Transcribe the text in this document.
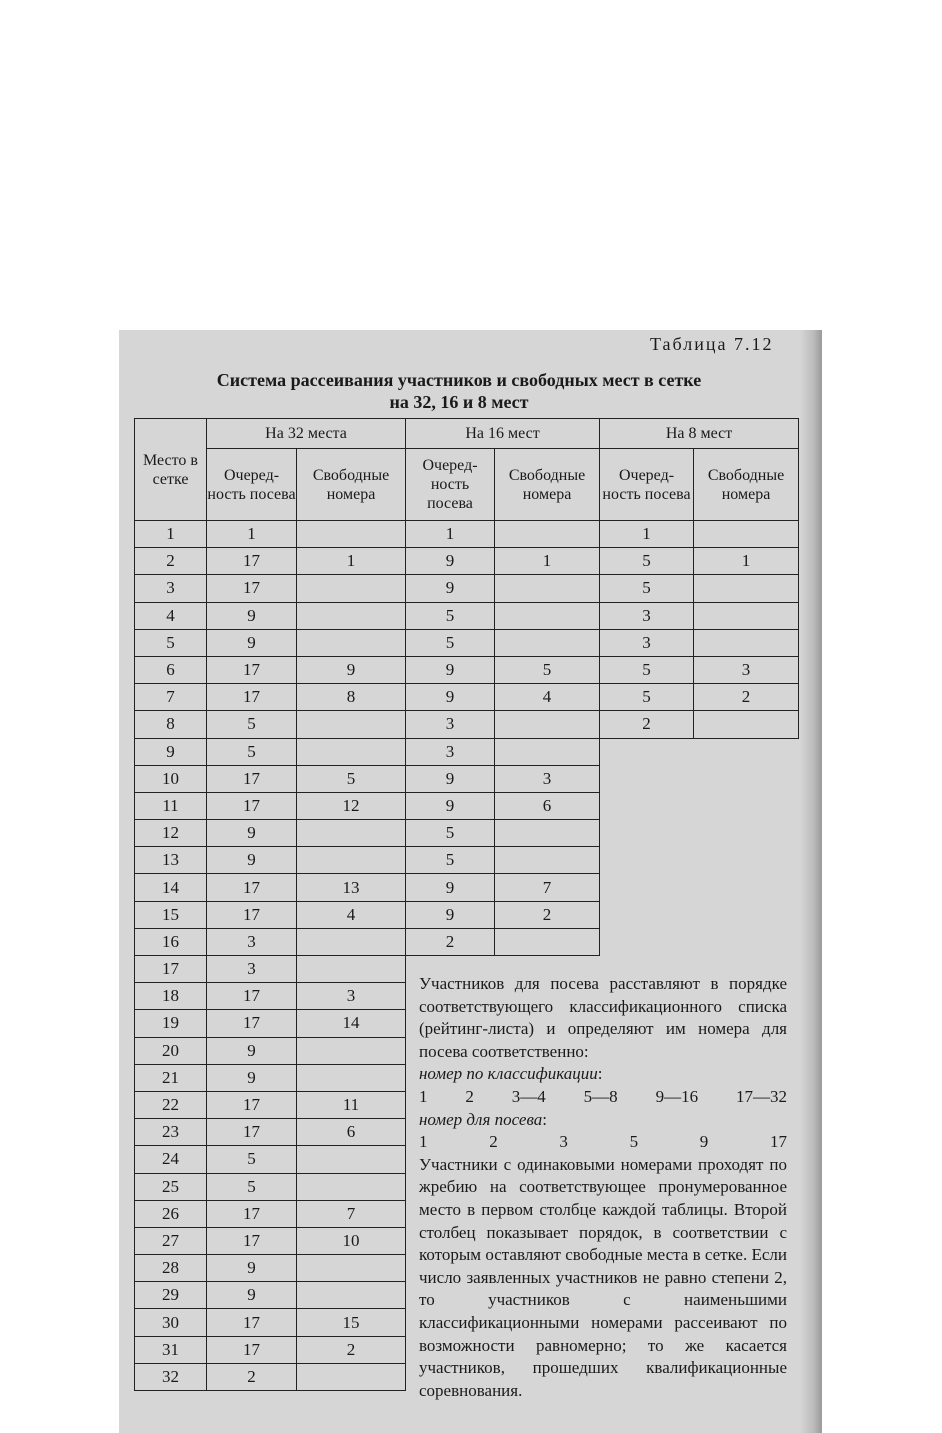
Таблица 7.12
Система рассеивания участников и свободных мест в сетке
на 32, 16 и 8 мест
Место в сетке	На 32 места		На 16 мест		На 8 мест	
	Очеред- ность посева	Свободные номера	Очеред- ность посева	Свободные номера	Очеред- ность посева	Свободные номера
1	1		1		1	
2	17	1	9	1	5	1
3	17		9		5	
4	9		5		3	
5	9		5		3	
6	17	9	9	5	5	3
7	17	8	9	4	5	2
8	5		3		2	
9	5		3			
10	17	5	9	3		
11	17	12	9	6		
12	9		5			
13	9		5			
14	17	13	9	7		
15	17	4	9	2		
16	3		2			
17	3					
18	17	3				
19	17	14				
20	9					
21	9					
22	17	11				
23	17	6				
24	5					
25	5					
26	17	7				
27	17	10				
28	9					
29	9					
30	17	15				
31	17	2				
32	2					

Участников для посева расставляют в порядке соответствующего классификационного списка (рейтинг-листа) и определяют им номера для посева соответственно:

номер по классификации:

1 2 3—4 5—8 9—16 17—32

номер для посева:

1	2	3	5	9	17

Участники с одинаковыми номерами проходят по жребию на соответствующее пронумерованное место в первом столбце каждой таблицы. Второй столбец показывает порядок, в соответствии с которым оставляют свободные места в сетке. Если число заявленных участников не равно степени 2, то участников с наименьшими классификационными номерами рассеивают по возможности равномерно; то же касается участников, прошедших квалификационные соревнования.
